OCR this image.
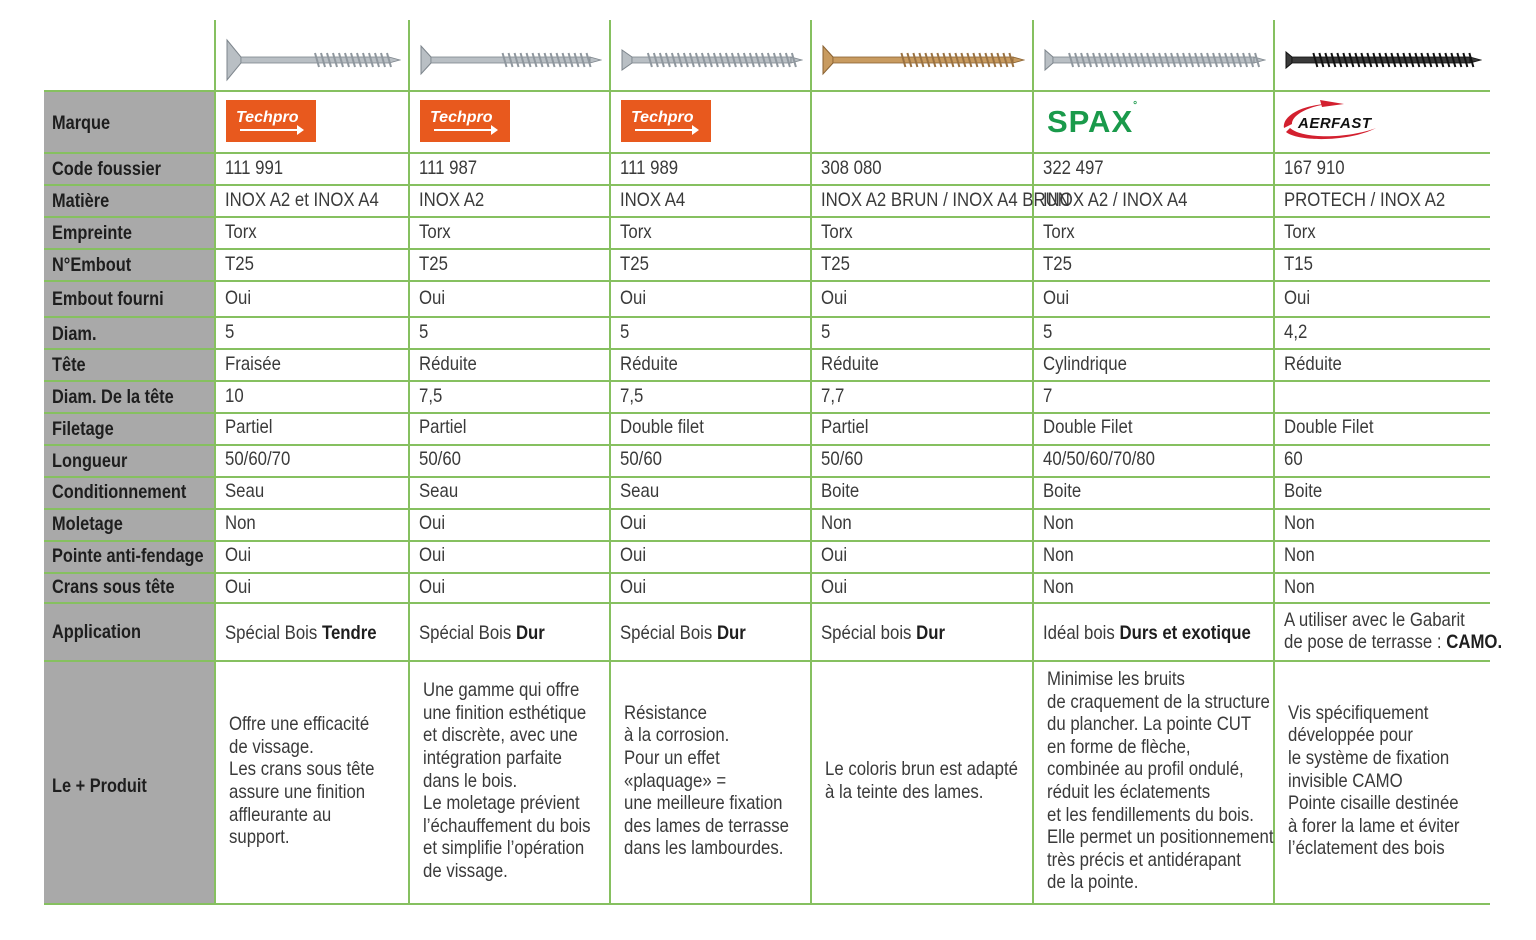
Marque
Code foussier
Matière
Empreinte
N°Embout
Embout fourni
Diam.
Tête
Diam. De la tête
Filetage
Longueur
Conditionnement
Moletage
Pointe anti-fendage
Crans sous tête
Application
Le + Produit
111 991
INOX A2 et INOX A4
Torx
T25
Oui
5
Fraisée
10
Partiel
50/60/70
Seau
Non
Oui
Oui
Spécial Bois Tendre
Offre une efficacité
de vissage.
Les crans sous tête
assure une finition
affleurante au
support.
Techpro
111 987
INOX A2
Torx
T25
Oui
5
Réduite
7,5
Partiel
50/60
Seau
Oui
Oui
Oui
Spécial Bois Dur
Une gamme qui offre
une finition esthétique
et discrète, avec une
intégration parfaite
dans le bois.
Le moletage prévient
l’échauffement du bois
et simplifie l’opération
de vissage.
Techpro
111 989
INOX A4
Torx
T25
Oui
5
Réduite
7,5
Double filet
50/60
Seau
Oui
Oui
Oui
Spécial Bois Dur
Résistance
à la corrosion.
Pour un effet
«plaquage» =
une meilleure fixation
des lames de terrasse
dans les lambourdes.
Techpro
308 080
INOX A2 BRUN / INOX A4 BRUN
Torx
T25
Oui
5
Réduite
7,7
Partiel
50/60
Boite
Non
Oui
Oui
Spécial bois Dur
Le coloris brun est adapté
à la teinte des lames.
322 497
INOX A2 / INOX A4
Torx
T25
Oui
5
Cylindrique
7
Double Filet
40/50/60/70/80
Boite
Non
Non
Non
Idéal bois Durs et exotique
Minimise les bruits
de craquement de la structure
du plancher. La pointe CUT
en forme de flèche,
combinée au profil ondulé,
réduit les éclatements
et les fendillements du bois.
Elle permet un positionnement
très précis et antidérapant
de la pointe.
SPAX°
167 910
PROTECH / INOX A2
Torx
T15
Oui
4,2
Réduite
Double Filet
60
Boite
Non
Non
Non
A utiliser avec le Gabarit
de pose de terrasse : CAMO.
Vis spécifiquement
développée pour
le système de fixation
invisible CAMO
Pointe cisaille destinée
à forer la lame et éviter
l’éclatement des bois
AERFAST
